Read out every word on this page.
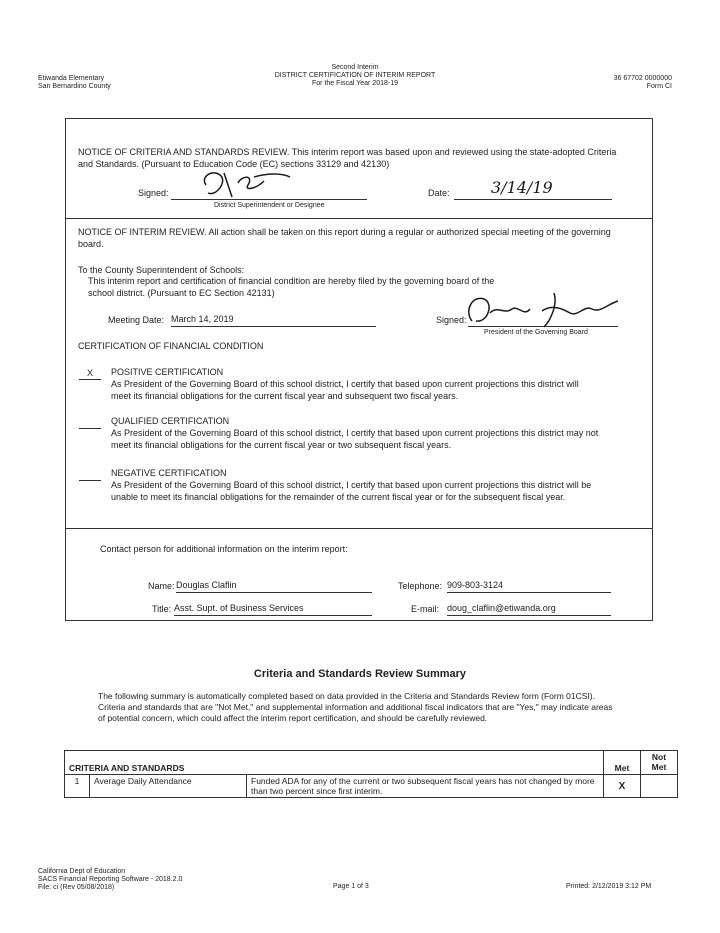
Etiwanda Elementary
San Bernardino County
Second Interim
DISTRICT CERTIFICATION OF INTERIM REPORT
For the Fiscal Year 2018-19
36 67702 0000000
Form CI
NOTICE OF CRITERIA AND STANDARDS REVIEW. This interim report was based upon and reviewed using the state-adopted Criteria and Standards. (Pursuant to Education Code (EC) sections 33129 and 42130)
Signed:
District Superintendent or Designee
Date:	3/14/19
NOTICE OF INTERIM REVIEW. All action shall be taken on this report during a regular or authorized special meeting of the governing board.
To the County Superintendent of Schools:
This interim report and certification of financial condition are hereby filed by the governing board of the school district. (Pursuant to EC Section 42131)
Meeting Date: March 14, 2019	Signed:
President of the Governing Board
CERTIFICATION OF FINANCIAL CONDITION
X	POSITIVE CERTIFICATION
As President of the Governing Board of this school district, I certify that based upon current projections this district will meet its financial obligations for the current fiscal year and subsequent two fiscal years.
QUALIFIED CERTIFICATION
As President of the Governing Board of this school district, I certify that based upon current projections this district may not meet its financial obligations for the current fiscal year or two subsequent fiscal years.
NEGATIVE CERTIFICATION
As President of the Governing Board of this school district, I certify that based upon current projections this district will be unable to meet its financial obligations for the remainder of the current fiscal year or for the subsequent fiscal year.
Contact person for additional information on the interim report:
Name: Douglas Claflin	Telephone: 909-803-3124
Title: Asst. Supt. of Business Services	E-mail: doug_claflin@etiwanda.org
Criteria and Standards Review Summary
The following summary is automatically completed based on data provided in the Criteria and Standards Review form (Form 01CSI). Criteria and standards that are "Not Met," and supplemental information and additional fiscal indicators that are "Yes," may indicate areas of potential concern, which could affect the interim report certification, and should be carefully reviewed.
CRITERIA AND STANDARDS			Met	Not Met
1	Average Daily Attendance	Funded ADA for any of the current or two subsequent fiscal years has not changed by more than two percent since first interim.	X	
California Dept of Education
SACS Financial Reporting Software - 2018.2.0
File: ci (Rev 05/08/2018)	Page 1 of 3	Printed: 2/12/2019 3:12 PM
